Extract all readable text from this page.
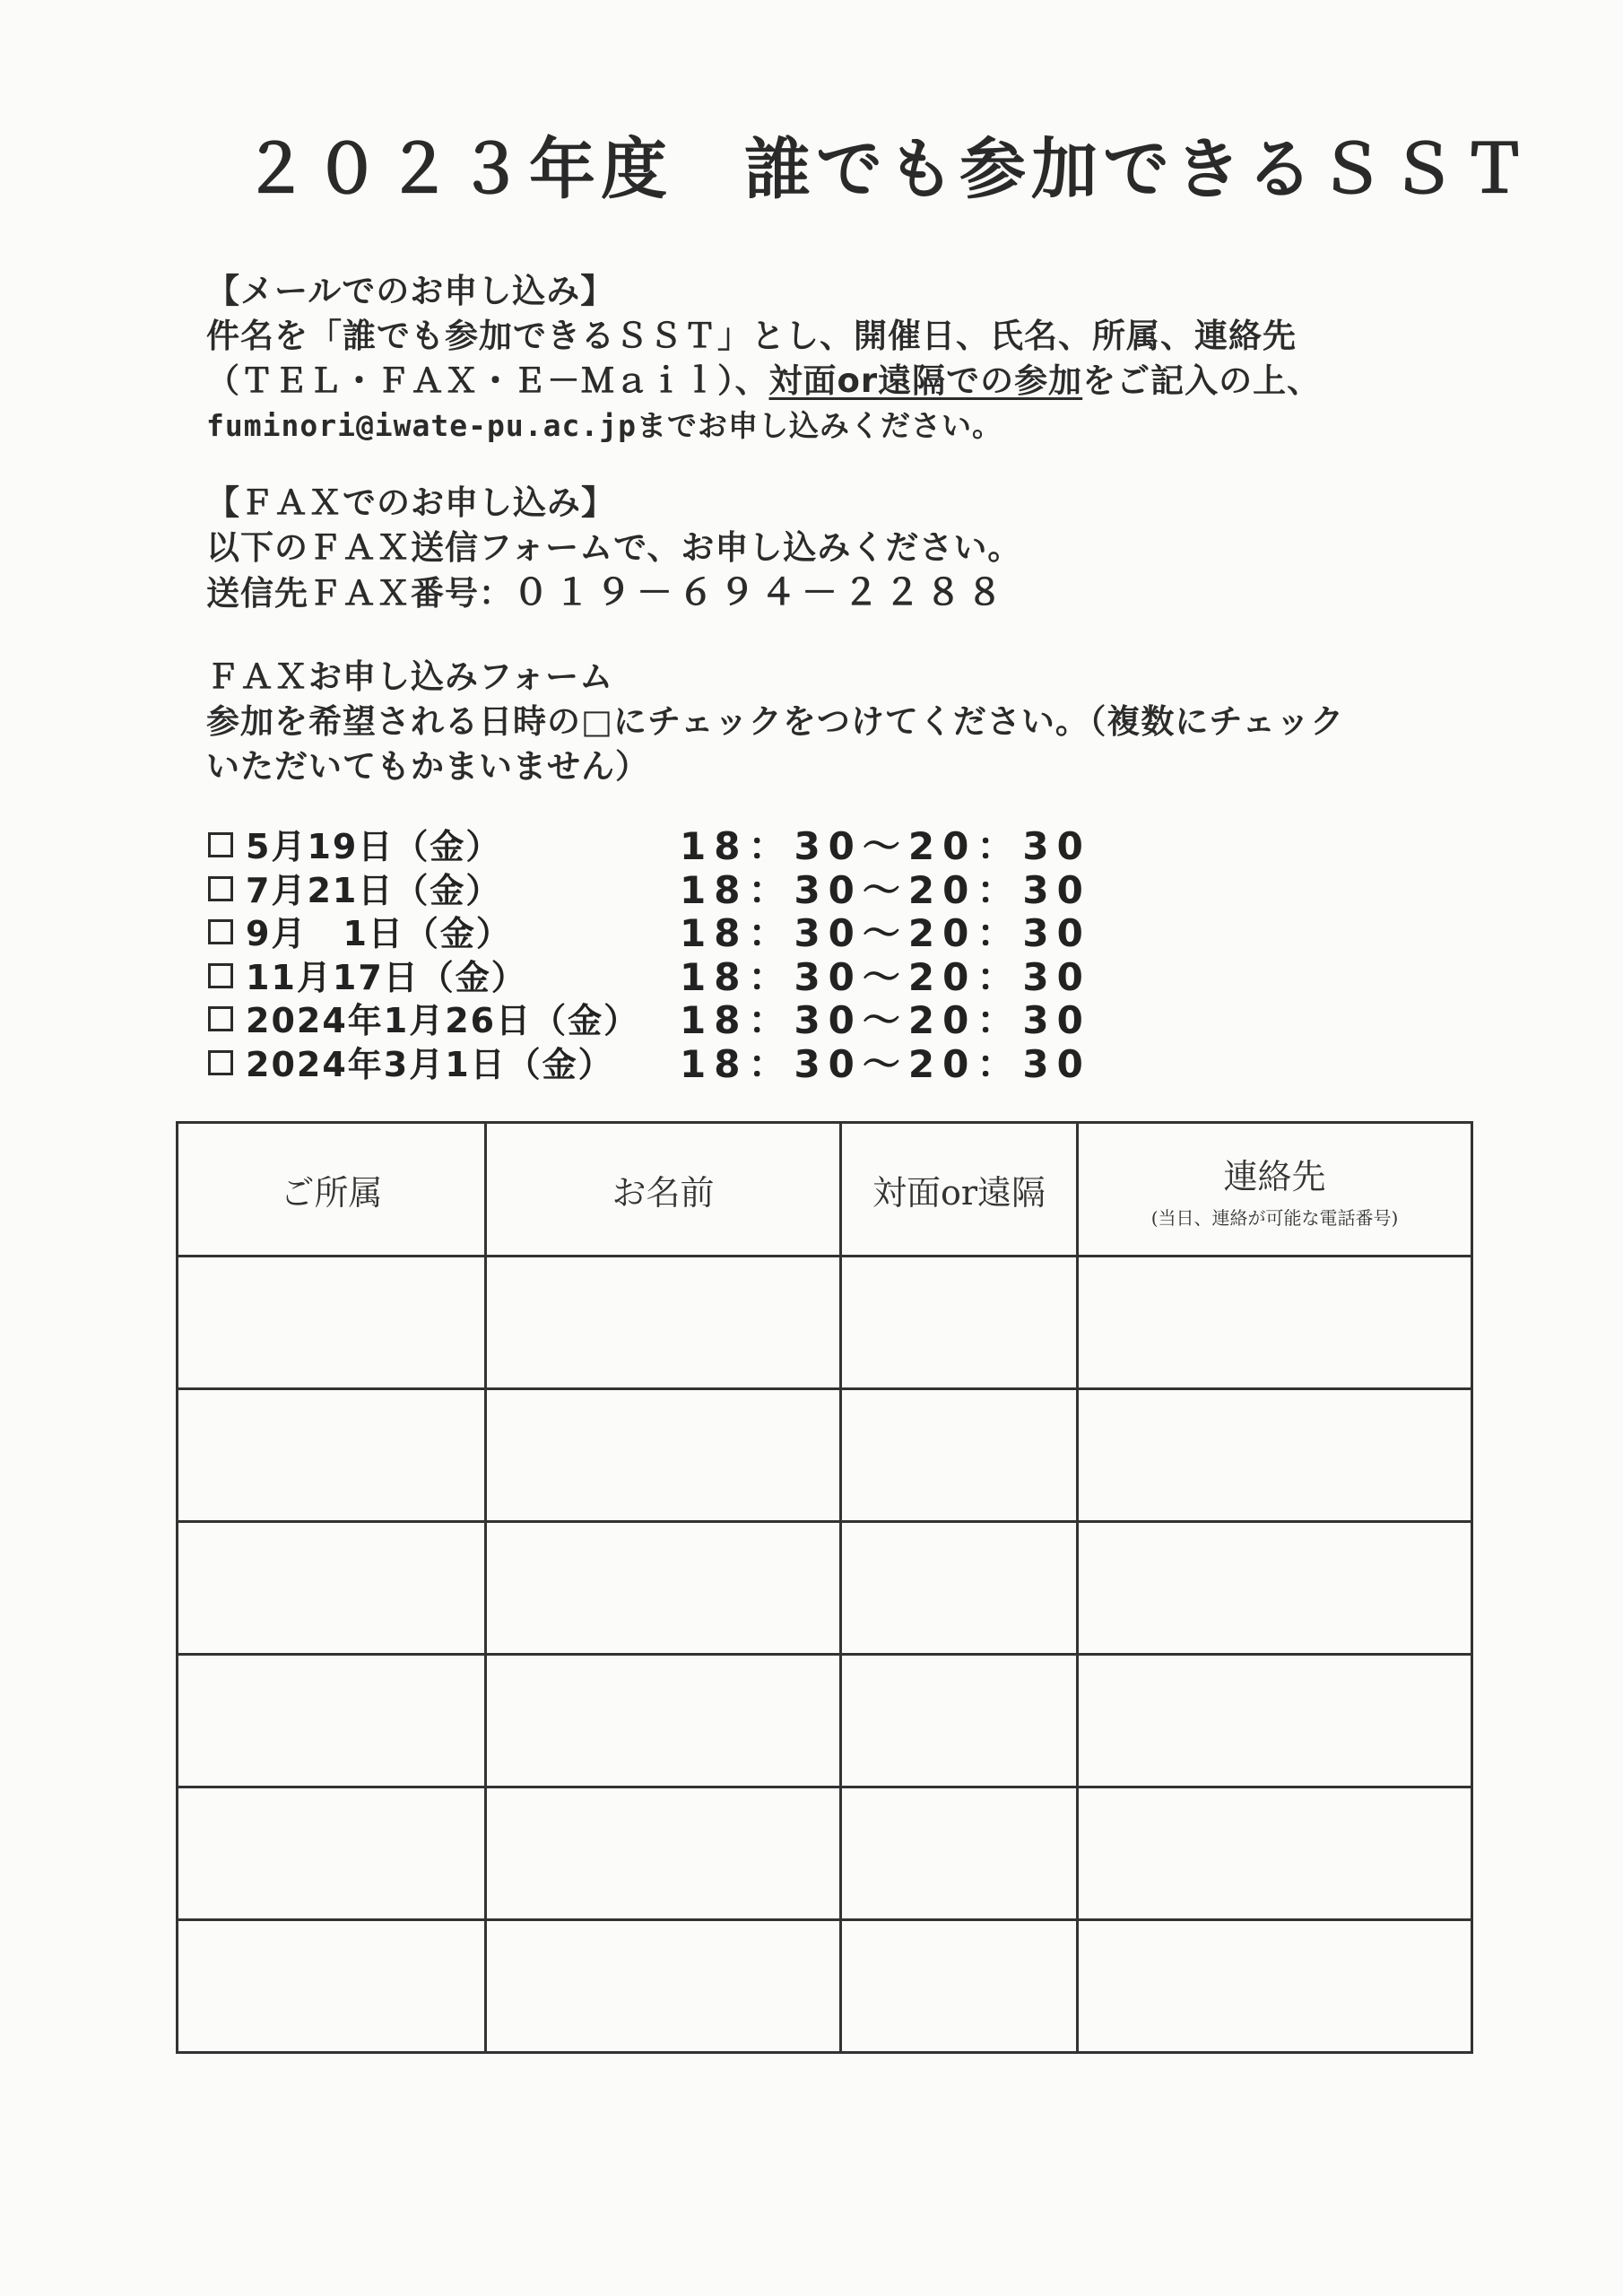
２０２３年度　誰でも参加できるＳＳＴ
【メールでのお申し込み】
件名を「誰でも参加できるＳＳＴ」とし、開催日、氏名、所属、連絡先
（ＴＥＬ・ＦＡＸ・Ｅ－Ｍａｉｌ）、対面or遠隔での参加をご記入の上、
fuminori@iwate-pu.ac.jpまでお申し込みください。
【ＦＡＸでのお申し込み】
以下のＦＡＸ送信フォームで、お申し込みください。
送信先ＦＡＸ番号：０１９－６９４－２２８８
ＦＡＸお申し込みフォーム
参加を希望される日時の□にチェックをつけてください。（複数にチェック
いただいてもかまいません）
5月19日（金）	18：30～20：30
7月21日（金）	18：30～20：30
9月　1日（金）	18：30～20：30
11月17日（金）	18：30～20：30
2024年1月26日（金） 18：30～20：30
2024年3月1日（金） 18：30～20：30
ご所属	お名前	対面or遠隔	連絡先
(当日、連絡が可能な電話番号)
